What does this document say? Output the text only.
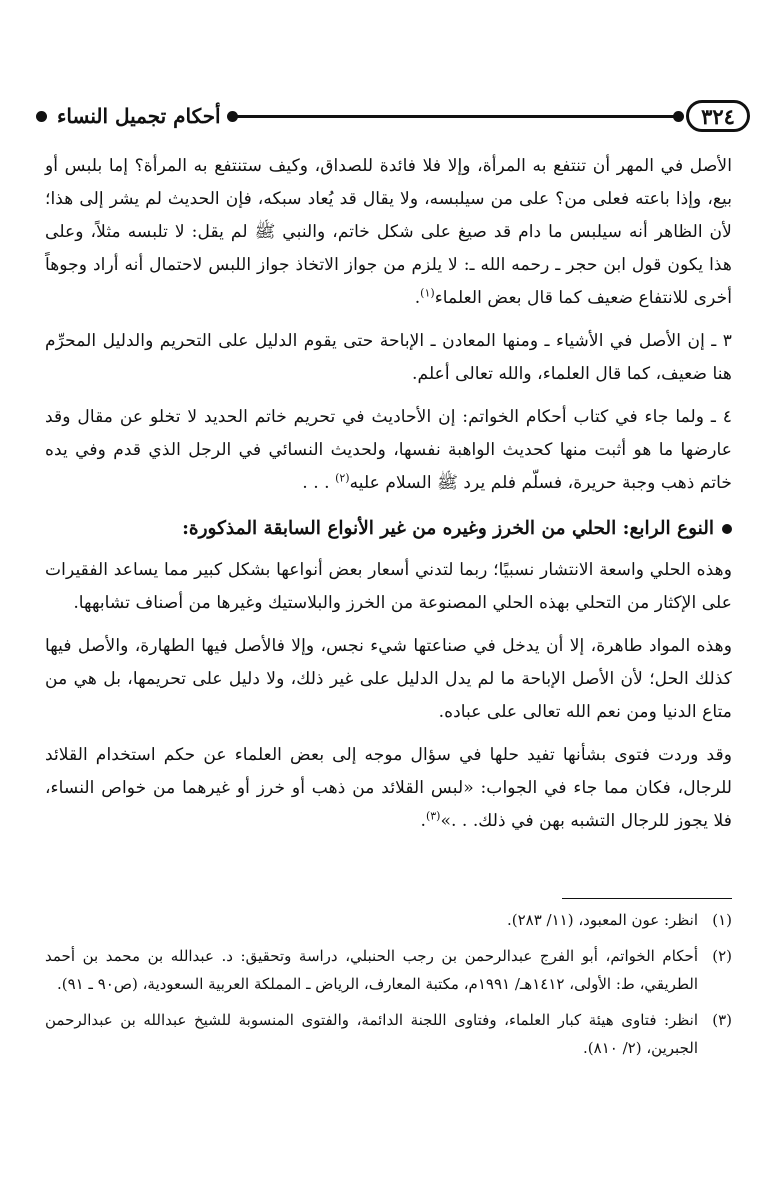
٣٢٤
أحكام تجميل النساء

الأصل في المهر أن تنتفع به المرأة، وإلا فلا فائدة للصداق، وكيف ستنتفع به المرأة؟ إما بلبس أو بيع، وإذا باعته فعلى من؟ على من سيلبسه، ولا يقال قد يُعاد سبكه، فإن الحديث لم يشر إلى هذا؛ لأن الظاهر أنه سيلبس ما دام قد صيغ على شكل خاتم، والنبي ﷺ لم يقل: لا تلبسه مثلاً، وعلى هذا يكون قول ابن حجر ـ رحمه الله ـ: لا يلزم من جواز الاتخاذ جواز اللبس لاحتمال أنه أراد وجوهاً أخرى للانتفاع ضعيف كما قال بعض العلماء$^{(١)}$.

٣ ـ إن الأصل في الأشياء ـ ومنها المعادن ـ الإباحة حتى يقوم الدليل على التحريم والدليل المحرِّم هنا ضعيف، كما قال العلماء، والله تعالى أعلم.

٤ ـ ولما جاء في كتاب أحكام الخواتم: إن الأحاديث في تحريم خاتم الحديد لا تخلو عن مقال وقد عارضها ما هو أثبت منها كحديث الواهبة نفسها، ولحديث النسائي في الرجل الذي قدم وفي يده خاتم ذهب وجبة حريرة، فسلّم فلم يرد ﷺ السلام عليه$^{(٢)}$ . . .

النوع الرابع: الحلي من الخرز وغيره من غير الأنواع السابقة المذكورة:

وهذه الحلي واسعة الانتشار نسبيًا؛ ربما لتدني أسعار بعض أنواعها بشكل كبير مما يساعد الفقيرات على الإكثار من التحلي بهذه الحلي المصنوعة من الخرز والبلاستيك وغيرها من أصناف تشابهها.

وهذه المواد طاهرة، إلا أن يدخل في صناعتها شيء نجس، وإلا فالأصل فيها الطهارة، والأصل فيها كذلك الحل؛ لأن الأصل الإباحة ما لم يدل الدليل على غير ذلك، ولا دليل على تحريمها، بل هي من متاع الدنيا ومن نعم الله تعالى على عباده.

وقد وردت فتوى بشأنها تفيد حلها في سؤال موجه إلى بعض العلماء عن حكم استخدام القلائد للرجال، فكان مما جاء في الجواب: «لبس القلائد من ذهب أو خرز أو غيرهما من خواص النساء، فلا يجوز للرجال التشبه بهن في ذلك. . .»$^{(٣)}$.

(١)
انظر: عون المعبود، (١١/ ٢٨٣).
(٢)
أحكام الخواتم، أبو الفرج عبدالرحمن بن رجب الحنبلي، دراسة وتحقيق: د. عبدالله بن محمد بن أحمد الطريقي، ط: الأولى، ١٤١٢هـ/ ١٩٩١م، مكتبة المعارف، الرياض ـ المملكة العربية السعودية، (ص٩٠ ـ ٩١).
(٣)
انظر: فتاوى هيئة كبار العلماء، وفتاوى اللجنة الدائمة، والفتوى المنسوبة للشيخ عبدالله بن عبدالرحمن الجبرين، (٢/ ٨١٠).
